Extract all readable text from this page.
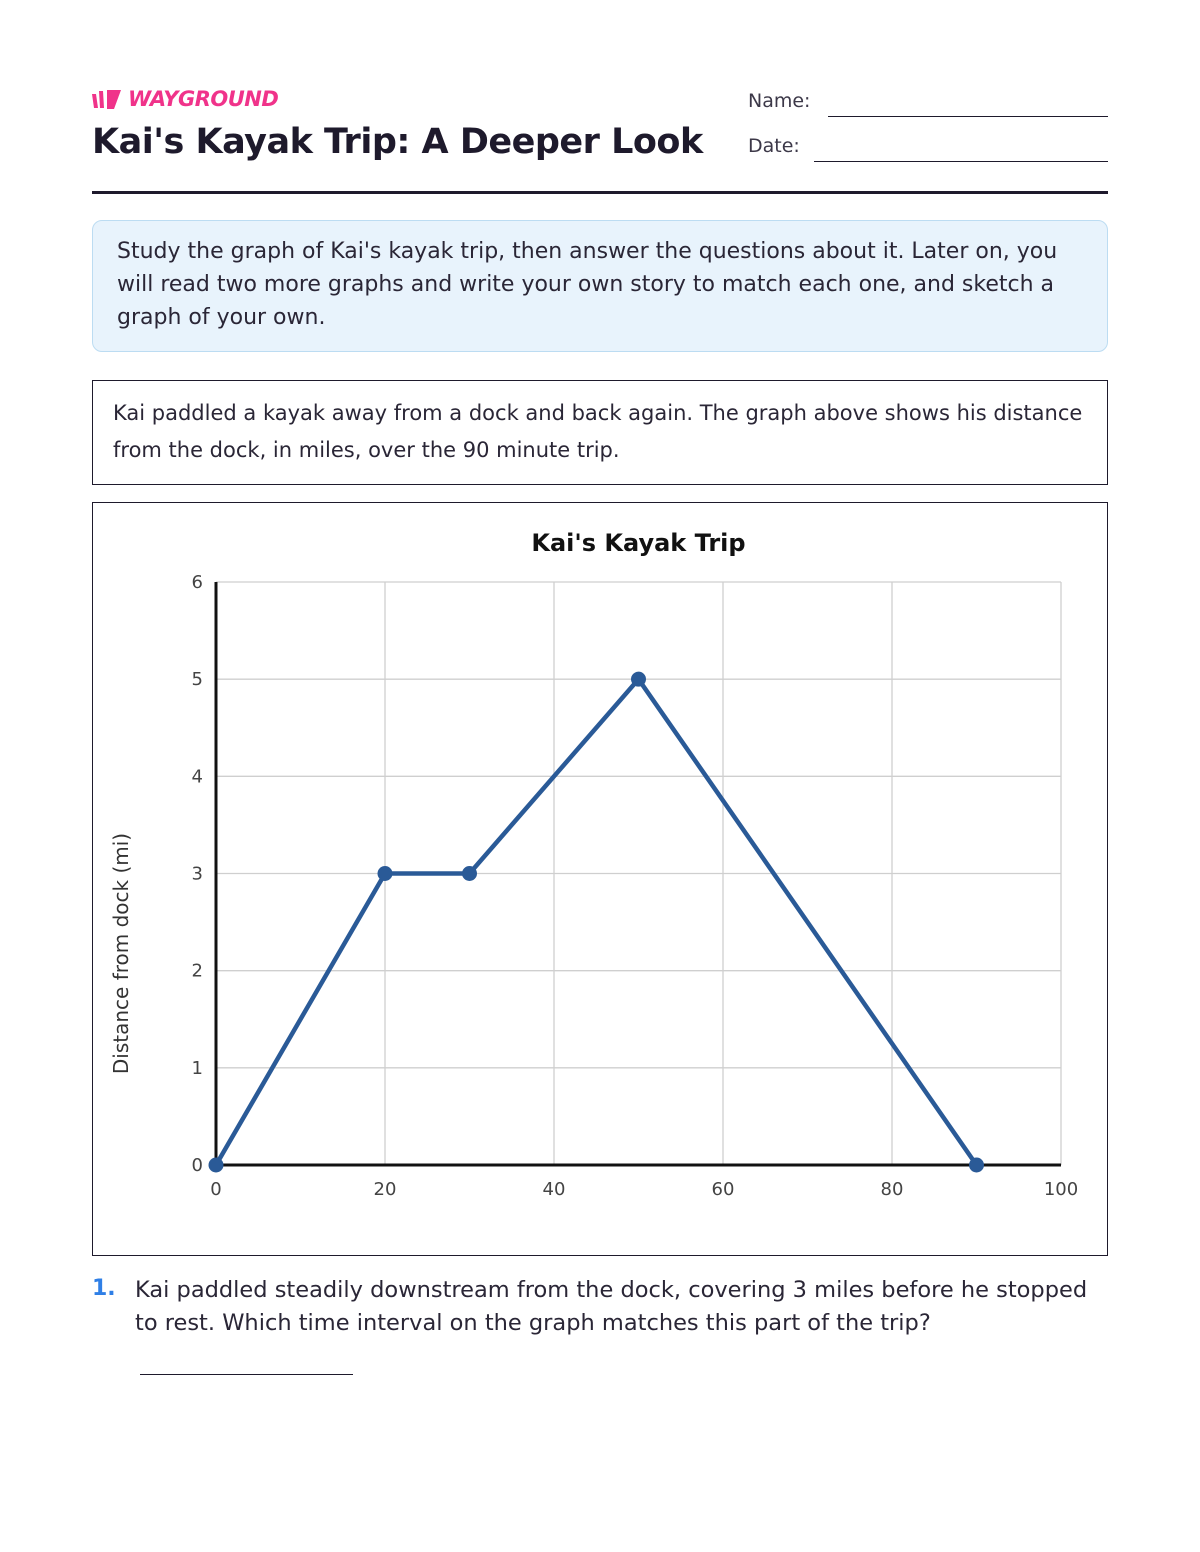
WAYGROUND
Kai's Kayak Trip: A Deeper Look
Name:
Date:
Study the graph of Kai's kayak trip, then answer the questions about it. Later on, you will read two more graphs and write your own story to match each one, and sketch a graph of your own.
Kai paddled a kayak away from a dock and back again. The graph above shows his distance from the dock, in miles, over the 90 minute trip.
0	20	40	60	80	100
0
1
2
3
4
5
6
Kai's Kayak Trip
Distance from dock (mi)
1. Kai paddled steadily downstream from the dock, covering 3 miles before he stopped to rest. Which time interval on the graph matches this part of the trip?
